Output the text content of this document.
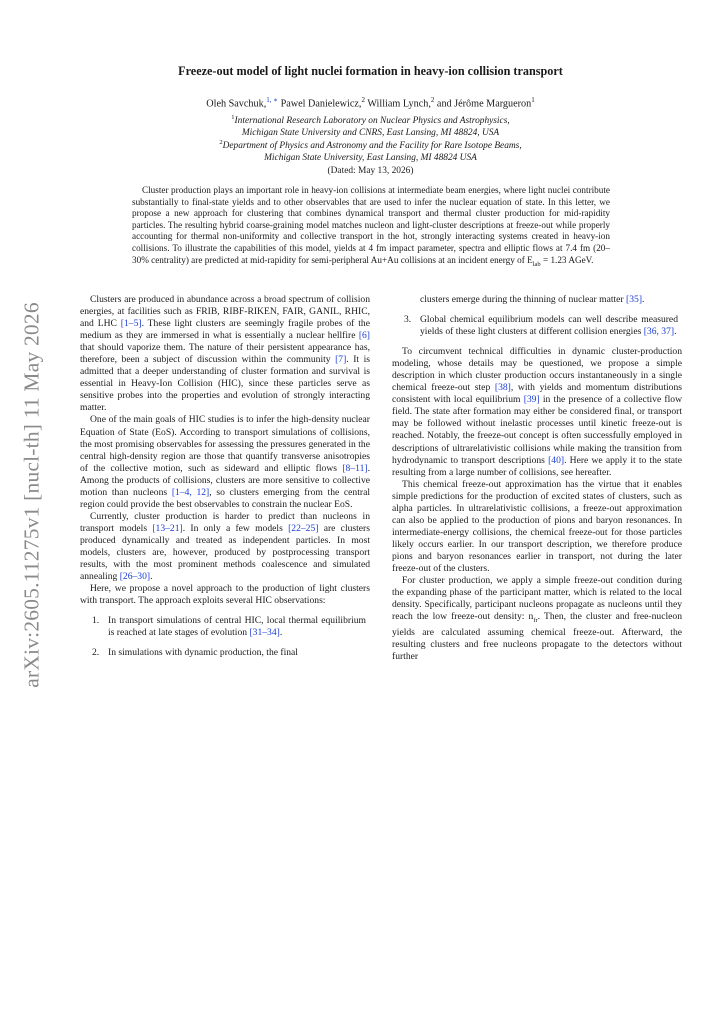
arXiv:2605.11275v1 [nucl-th] 11 May 2026
Freeze-out model of light nuclei formation in heavy-ion collision transport
Oleh Savchuk,$^{1, ∗}$ Pawel Danielewicz,$^2$ William Lynch,$^2$ and Jérôme Margueron$^1$
$^1$International Research Laboratory on Nuclear Physics and Astrophysics,
Michigan State University and CNRS, East Lansing, MI 48824, USA
$^2$Department of Physics and Astronomy and the Facility for Rare Isotope Beams,
Michigan State University, East Lansing, MI 48824 USA
(Dated: May 13, 2026)
Cluster production plays an important role in heavy-ion collisions at intermediate beam energies, where light nuclei contribute substantially to final-state yields and to other observables that are used to infer the nuclear equation of state. In this letter, we propose a new approach for clustering that combines dynamical transport and thermal cluster production for mid-rapidity particles. The resulting hybrid coarse-graining model matches nucleon and light-cluster descriptions at freeze-out while properly accounting for thermal non-uniformity and collective transport in the hot, strongly interacting systems created in heavy-ion collisions. To illustrate the capabilities of this model, yields at 4 fm impact parameter, spectra and elliptic flows at 7.4 fm (20–30% centrality) are predicted at mid-rapidity for semi-peripheral Au+Au collisions at an incident energy of $E_{lab} = 1.23$ AGeV.

Clusters are produced in abundance across a broad spectrum of collision energies, at facilities such as FRIB, RIBF-RIKEN, FAIR, GANIL, RHIC, and LHC [1–5]. These light clusters are seemingly fragile probes of the medium as they are immersed in what is essentially a nuclear hellfire [6] that should vaporize them. The nature of their persistent appearance has, therefore, been a subject of discussion within the community [7]. It is admitted that a deeper understanding of cluster formation and survival is essential in Heavy-Ion Collision (HIC), since these particles serve as sensitive probes into the properties and evolution of strongly interacting matter.

One of the main goals of HIC studies is to infer the high-density nuclear Equation of State (EoS). According to transport simulations of collisions, the most promising observables for assessing the pressures generated in the central high-density region are those that quantify transverse anisotropies of the collective motion, such as sideward and elliptic flows [8–11]. Among the products of collisions, clusters are more sensitive to collective motion than nucleons [1–4, 12], so clusters emerging from the central region could provide the best observables to constrain the nuclear EoS.

Currently, cluster production is harder to predict than nucleons in transport models [13–21]. In only a few models [22–25] are clusters produced dynamically and treated as independent particles. In most models, clusters are, however, produced by postprocessing transport results, with the most prominent methods coalescence and simulated annealing [26–30].

Here, we propose a novel approach to the production of light clusters with transport. The approach exploits several HIC observations:

1. In transport simulations of central HIC, local thermal equilibrium is reached at late stages of evolution [31–34].
2. In simulations with dynamic production, the final
clusters emerge during the thinning of nuclear matter [35].
3. Global chemical equilibrium models can well describe measured yields of these light clusters at different collision energies [36, 37].

To circumvent technical difficulties in dynamic cluster-production modeling, whose details may be questioned, we propose a simple description in which cluster production occurs instantaneously in a single chemical freeze-out step [38], with yields and momentum distributions consistent with local equilibrium [39] in the presence of a collective flow field. The state after formation may either be considered final, or transport may be followed without inelastic processes until kinetic freeze-out is reached. Notably, the freeze-out concept is often successfully employed in descriptions of ultrarelativistic collisions while making the transition from hydrodynamic to transport descriptions [40]. Here we apply it to the state resulting from a large number of collisions, see hereafter.

This chemical freeze-out approximation has the virtue that it enables simple predictions for the production of excited states of clusters, such as alpha particles. In ultrarelativistic collisions, a freeze-out approximation can also be applied to the production of pions and baryon resonances. In intermediate-energy collisions, the chemical freeze-out for those particles likely occurs earlier. In our transport description, we therefore produce pions and baryon resonances earlier in transport, not during the later freeze-out of the clusters.

For cluster production, we apply a simple freeze-out condition during the expanding phase of the participant matter, which is related to the local density. Specifically, participant nucleons propagate as nucleons until they reach the low freeze-out density: $n_{fr}$. Then, the cluster and free-nucleon yields are calculated assuming chemical freeze-out. Afterward, the resulting clusters and free nucleons propagate to the detectors without further
